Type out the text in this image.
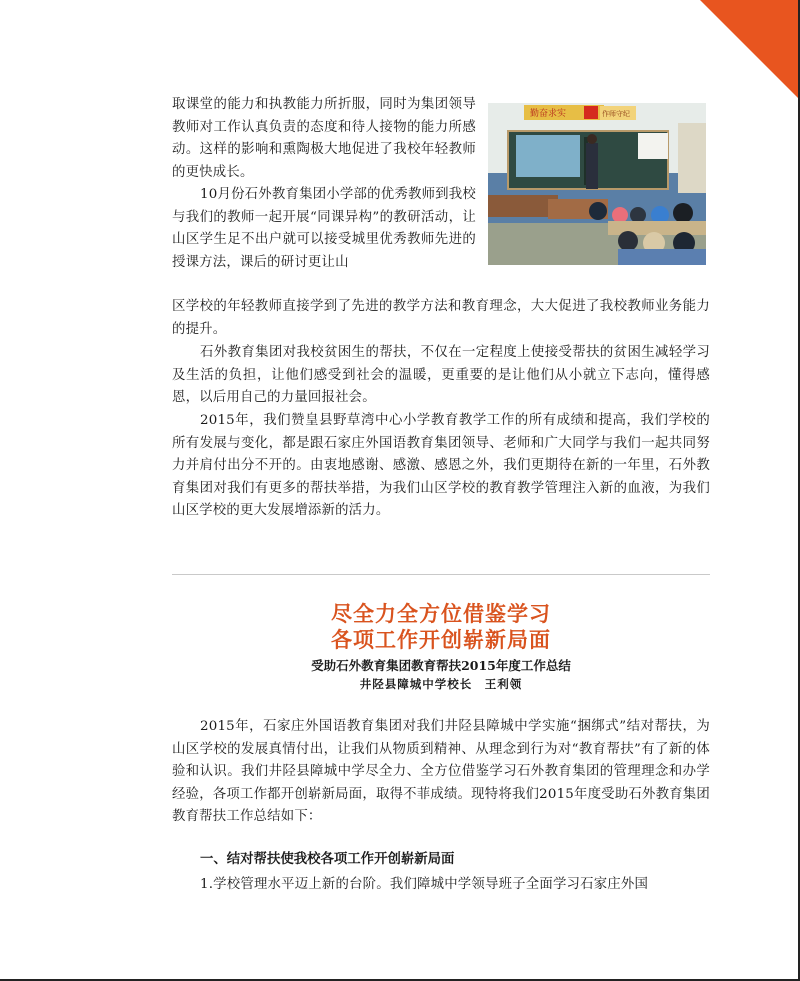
取课堂的能力和执教能力所折服，同时为集团领导教师对工作认真负责的态度和待人接物的能力所感动。这样的影响和熏陶极大地促进了我校年轻教师的更快成长。

10月份石外教育集团小学部的优秀教师到我校与我们的教师一起开展“同课异构”的教研活动，让山区学生足不出户就可以接受城里优秀教师先进的授课方法，课后的研讨更让山

区学校的年轻教师直接学到了先进的教学方法和教育理念，大大促进了我校教师业务能力的提升。

石外教育集团对我校贫困生的帮扶，不仅在一定程度上使接受帮扶的贫困生减轻学习及生活的负担，让他们感受到社会的温暖，更重要的是让他们从小就立下志向，懂得感恩，以后用自己的力量回报社会。

2015年，我们赞皇县野草湾中心小学教育教学工作的所有成绩和提高，我们学校的所有发展与变化，都是跟石家庄外国语教育集团领导、老师和广大同学与我们一起共同努力并肩付出分不开的。由衷地感谢、感激、感恩之外，我们更期待在新的一年里，石外教育集团对我们有更多的帮扶举措，为我们山区学校的教育教学管理注入新的血液，为我们山区学校的更大发展增添新的活力。

勤奋求实	作师守纪
尽全力全方位借鉴学习
各项工作开创崭新局面

受助石外教育集团教育帮扶2015年度工作总结

井陉县障城中学校长　王利领

2015年，石家庄外国语教育集团对我们井陉县障城中学实施“捆绑式”结对帮扶，为山区学校的发展真情付出，让我们从物质到精神、从理念到行为对“教育帮扶”有了新的体验和认识。我们井陉县障城中学尽全力、全方位借鉴学习石外教育集团的管理理念和办学经验，各项工作都开创崭新局面，取得不菲成绩。现特将我们2015年度受助石外教育集团教育帮扶工作总结如下：

一、结对帮扶使我校各项工作开创崭新局面

1.学校管理水平迈上新的台阶。我们障城中学领导班子全面学习石家庄外国
